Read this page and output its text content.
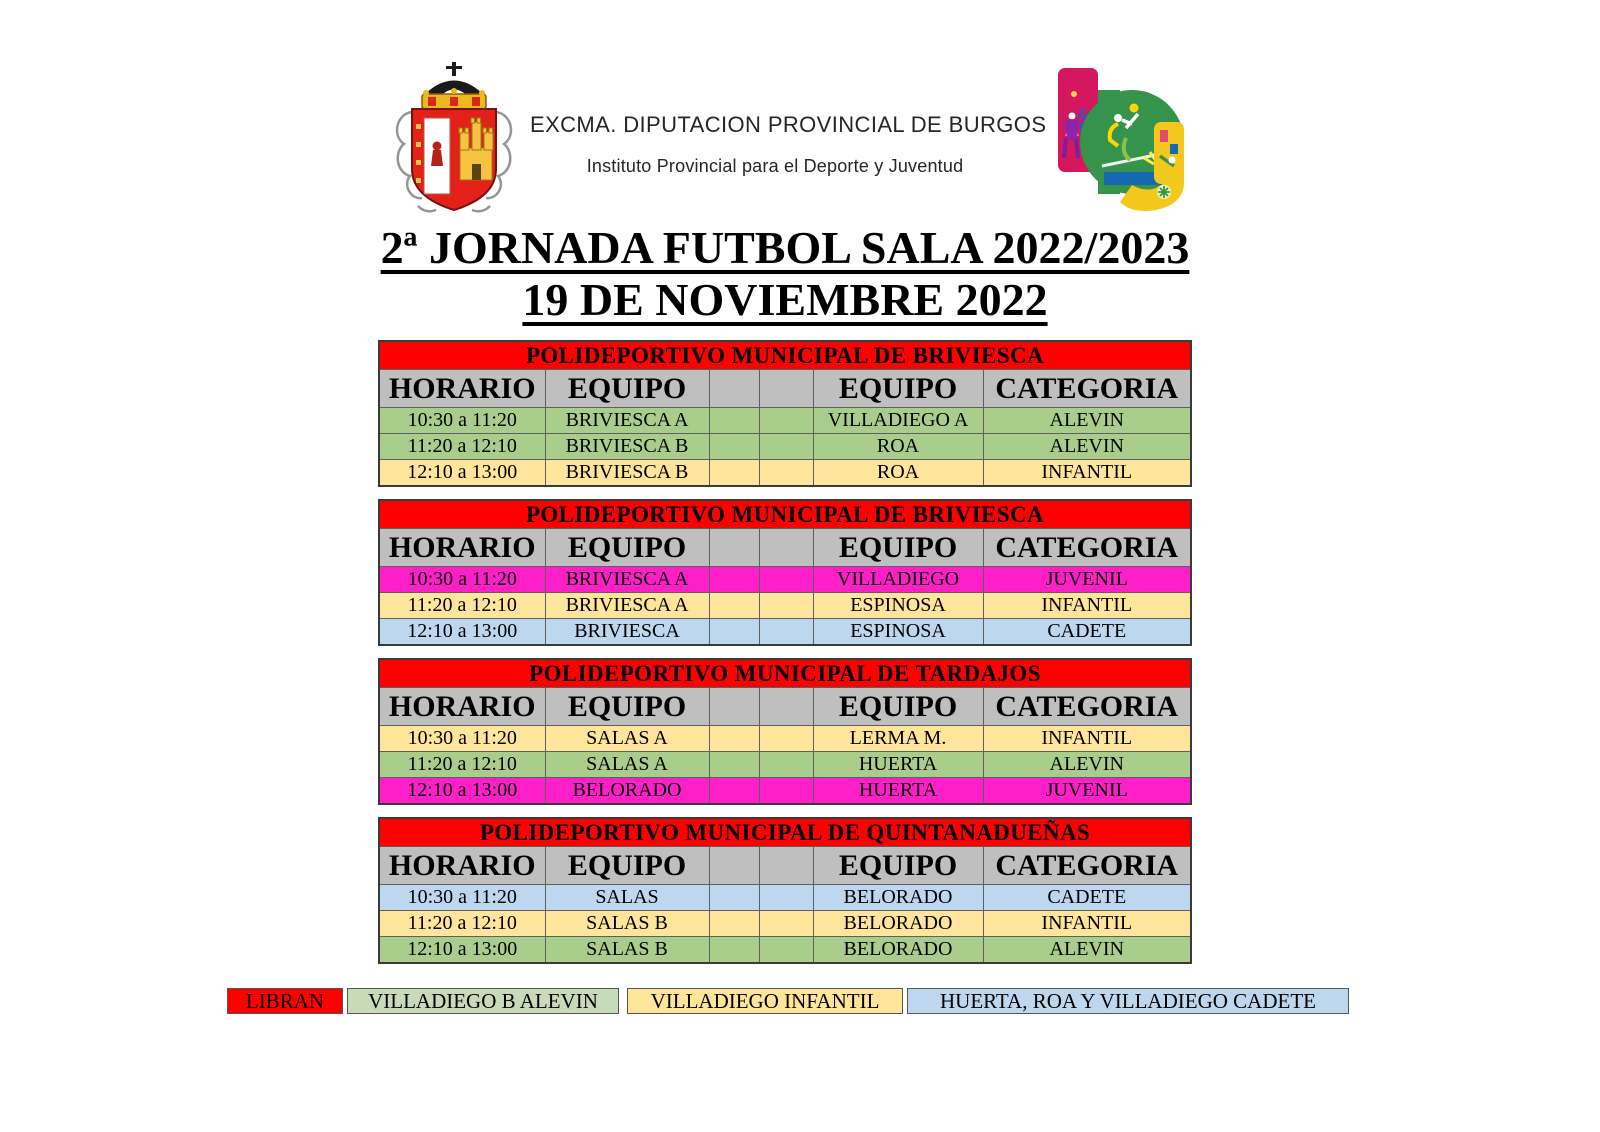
EXCMA. DIPUTACION PROVINCIAL DE BURGOS
Instituto Provincial para el Deporte y Juventud
2ª JORNADA FUTBOL SALA 2022/2023
19 DE NOVIEMBRE 2022
POLIDEPORTIVO MUNICIPAL DE BRIVIESCA					
HORARIO	EQUIPO			EQUIPO	CATEGORIA
10:30 a 11:20	BRIVIESCA A			VILLADIEGO A	ALEVIN
11:20 a 12:10	BRIVIESCA B			ROA	ALEVIN
12:10 a 13:00	BRIVIESCA B			ROA	INFANTIL
POLIDEPORTIVO MUNICIPAL DE BRIVIESCA					
HORARIO	EQUIPO			EQUIPO	CATEGORIA
10:30 a 11:20	BRIVIESCA A			VILLADIEGO	JUVENIL
11:20 a 12:10	BRIVIESCA A			ESPINOSA	INFANTIL
12:10 a 13:00	BRIVIESCA			ESPINOSA	CADETE
POLIDEPORTIVO MUNICIPAL DE TARDAJOS					
HORARIO	EQUIPO			EQUIPO	CATEGORIA
10:30 a 11:20	SALAS A			LERMA M.	INFANTIL
11:20 a 12:10	SALAS A			HUERTA	ALEVIN
12:10 a 13:00	BELORADO			HUERTA	JUVENIL
POLIDEPORTIVO MUNICIPAL DE QUINTANADUEÑAS					
HORARIO	EQUIPO			EQUIPO	CATEGORIA
10:30 a 11:20	SALAS			BELORADO	CADETE
11:20 a 12:10	SALAS B			BELORADO	INFANTIL
12:10 a 13:00	SALAS B			BELORADO	ALEVIN
LIBRAN	VILLADIEGO B ALEVIN	VILLADIEGO INFANTIL	HUERTA, ROA Y VILLADIEGO CADETE
